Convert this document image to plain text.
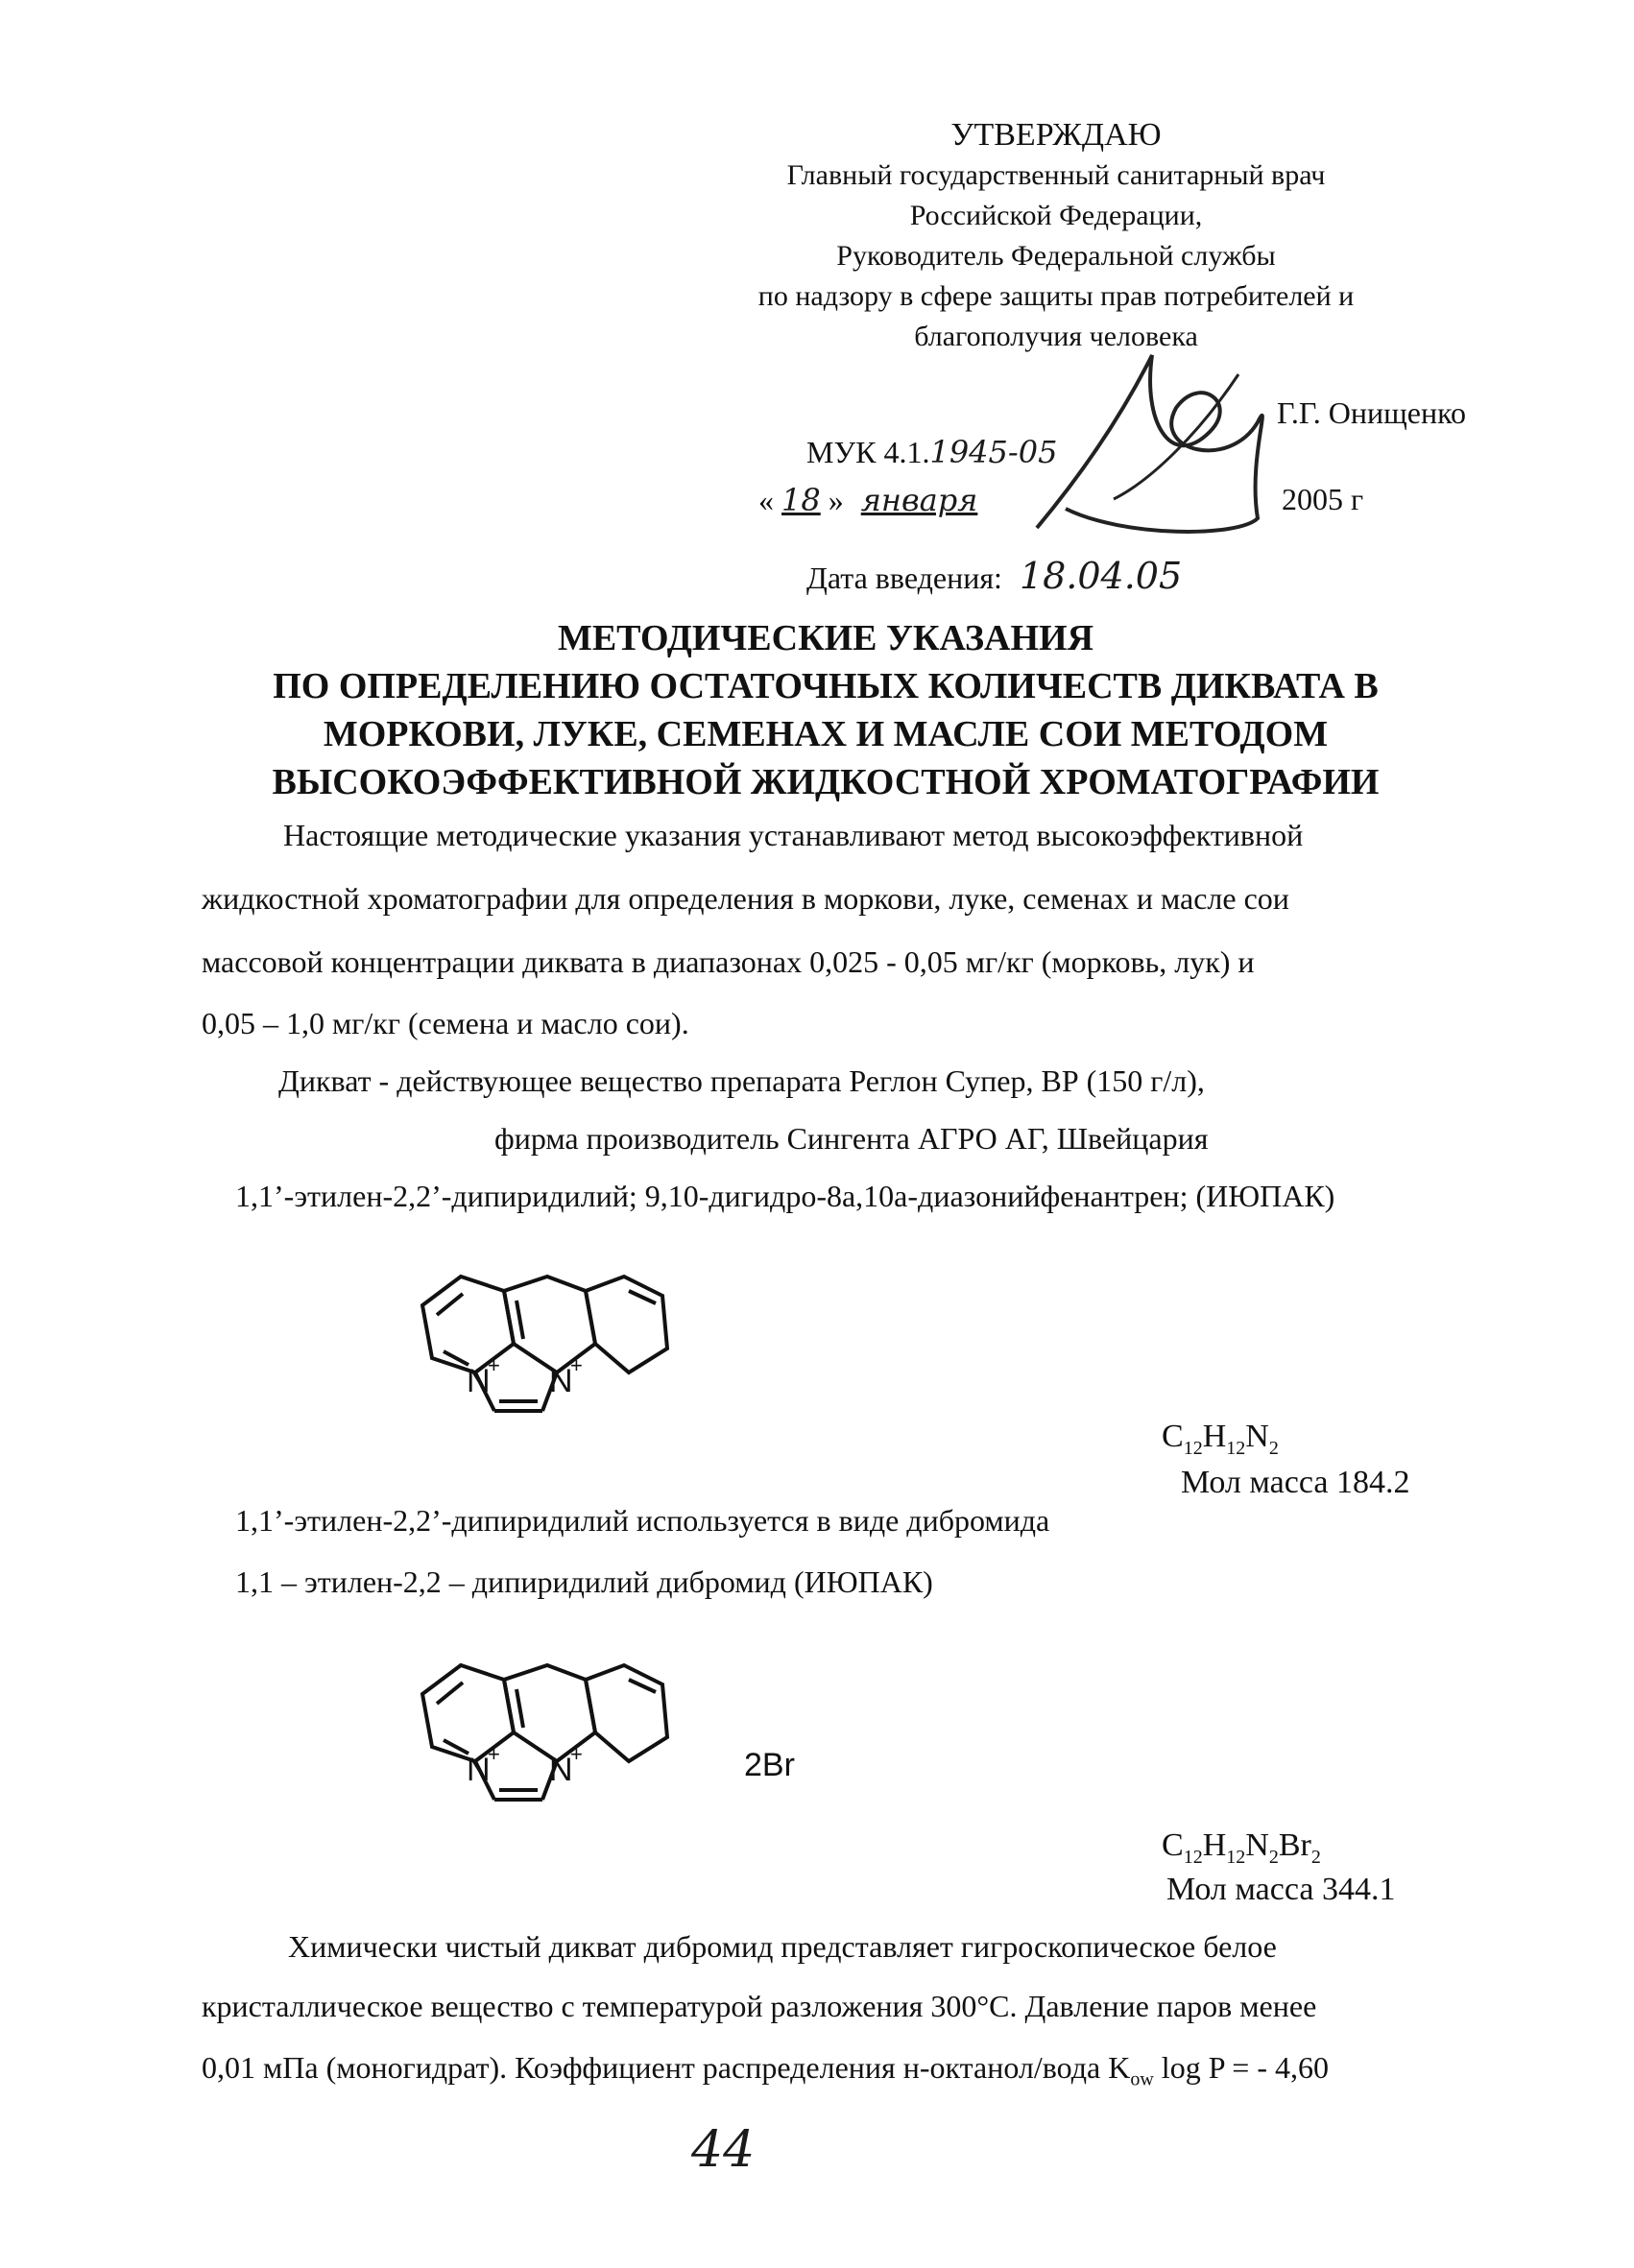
УТВЕРЖДАЮ
Главный государственный санитарный врач
Российской Федерации,
Руководитель Федеральной службы
по надзору в сфере защиты прав потребителей и
благополучия человека
Г.Г. Онищенко
МУК 4.1.1945-05
« 18 » января	2005 г
Дата введения: 18.04.05
МЕТОДИЧЕСКИЕ УКАЗАНИЯ
ПО ОПРЕДЕЛЕНИЮ ОСТАТОЧНЫХ КОЛИЧЕСТВ ДИКВАТА В
МОРКОВИ, ЛУКЕ, СЕМЕНАХ И МАСЛЕ СОИ МЕТОДОМ
ВЫСОКОЭФФЕКТИВНОЙ ЖИДКОСТНОЙ ХРОМАТОГРАФИИ
Настоящие методические указания устанавливают метод высокоэффективной
жидкостной хроматографии для определения в моркови, луке, семенах и масле сои
массовой концентрации диквата в диапазонах 0,025 - 0,05 мг/кг (морковь, лук) и
0,05 – 1,0 мг/кг (семена и масло сои).
Дикват - действующее вещество препарата Реглон Супер, ВР (150 г/л),
фирма производитель Сингента АГРО АГ, Швейцария
1,1’-этилен-2,2’-дипиридилий; 9,10-дигидро-8а,10а-диазонийфенантрен; (ИЮПАК)
N
+ N
+
$C_{12}H_{12}N_2$
Мол масса 184.2
1,1’-этилен-2,2’-дипиридилий используется в виде дибромида
1,1 – этилен-2,2 – дипиридилий дибромид (ИЮПАК)
N
+ N
+	2Br
$C_{12}H_{12}N_2Br_2$
Мол масса 344.1
Химически чистый дикват дибромид представляет гигроскопическое белое
кристаллическое вещество с температурой разложения 300°С. Давление паров менее
0,01 мПа (моногидрат). Коэффициент распределения н-октанол/вода $K_{ow}$ log P = - 4,60
44
